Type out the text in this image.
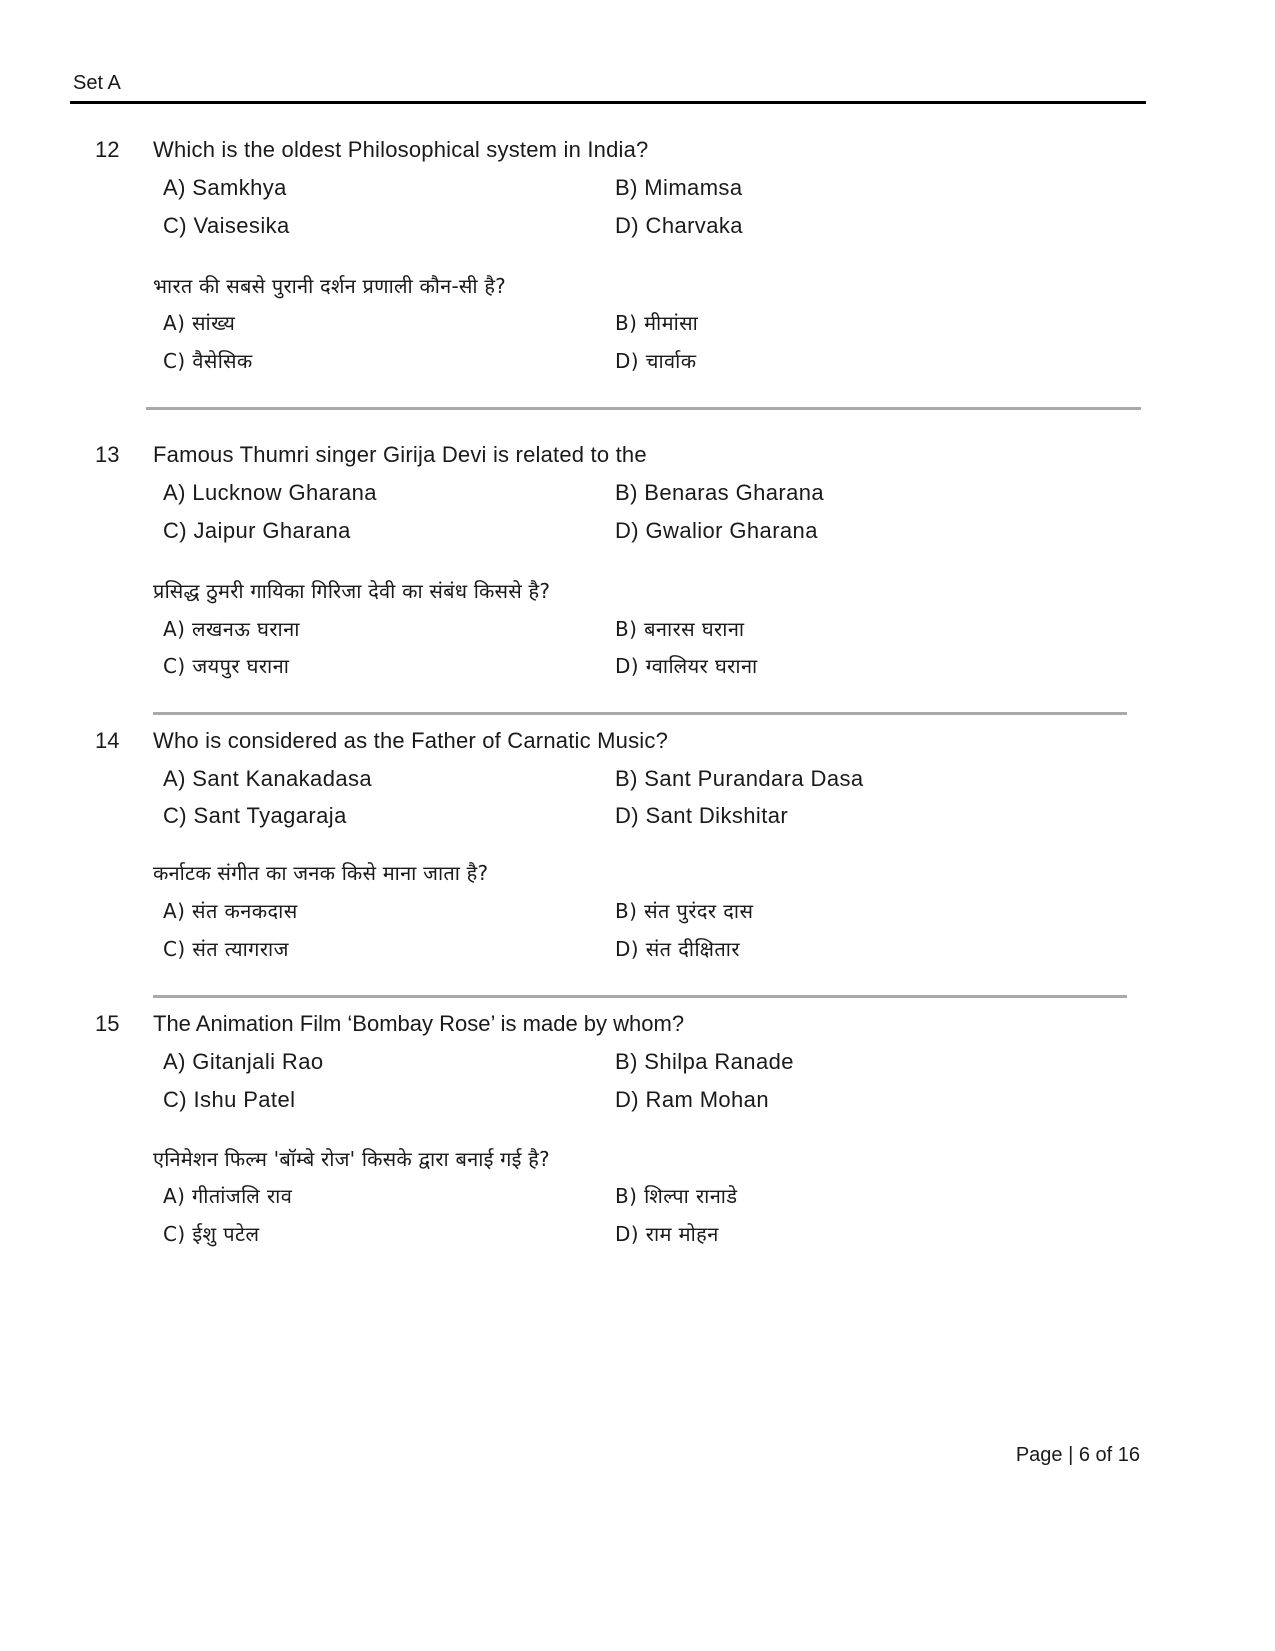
Set A
12 Which is the oldest Philosophical system in India?
A) Samkhya	B) Mimamsa
C) Vaisesika	D) Charvaka
भारत की सबसे पुरानी दर्शन प्रणाली कौन-सी है?
A) सांख्य	B) मीमांसा
C) वैसेसिक	D) चार्वाक
13 Famous Thumri singer Girija Devi is related to the
A) Lucknow Gharana	B) Benaras Gharana
C) Jaipur Gharana	D) Gwalior Gharana
प्रसिद्ध ठुमरी गायिका गिरिजा देवी का संबंध किससे है?
A) लखनऊ घराना	B) बनारस घराना
C) जयपुर घराना	D) ग्वालियर घराना
14 Who is considered as the Father of Carnatic Music?
A) Sant Kanakadasa	B) Sant Purandara Dasa
C) Sant Tyagaraja	D) Sant Dikshitar
कर्नाटक संगीत का जनक किसे माना जाता है?
A) संत कनकदास	B) संत पुरंदर दास
C) संत त्यागराज	D) संत दीक्षितार
15 The Animation Film ‘Bombay Rose’ is made by whom?
A) Gitanjali Rao	B) Shilpa Ranade
C) Ishu Patel	D) Ram Mohan
एनिमेशन फिल्म 'बॉम्बे रोज' किसके द्वारा बनाई गई है?
A) गीतांजलि राव	B) शिल्पा रानाडे
C) ईशु पटेल	D) राम मोहन
Page | 6 of 16
